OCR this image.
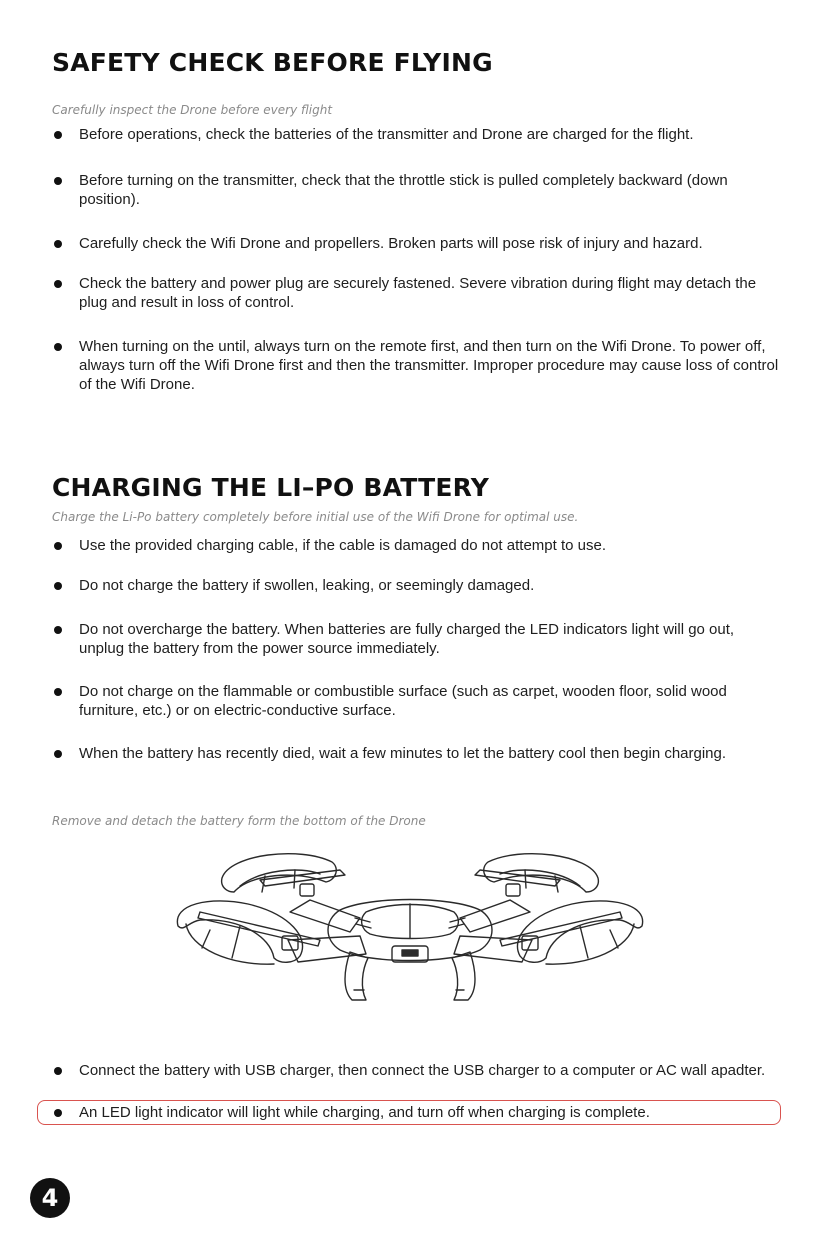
SAFETY CHECK BEFORE FLYING

Carefully inspect the Drone before every flight

Before operations, check the batteries of the transmitter and Drone are charged for the flight.

Before turning on the transmitter, check that the throttle stick is pulled completely backward (down position).

Carefully check the Wifi Drone and propellers. Broken parts will pose risk of injury and hazard.

Check the battery and power plug are securely fastened. Severe vibration during flight may detach the plug and result in loss of control.

When turning on the until, always turn on the remote first, and then turn on the Wifi Drone. To power off, always turn off the Wifi Drone first and then the transmitter. Improper procedure may cause loss of control of the Wifi Drone.

CHARGING THE LI–PO BATTERY

Charge the Li-Po battery completely before initial use of the Wifi Drone for optimal use.

Use the provided charging cable, if the cable is damaged do not attempt to use.

Do not charge the battery if swollen, leaking, or seemingly damaged.

Do not overcharge the battery. When batteries are fully charged the LED indicators light will go out, unplug the battery from the power source immediately.

Do not charge on the flammable or combustible surface (such as carpet, wooden floor, solid wood furniture, etc.) or on electric-conductive surface.

When the battery has recently died, wait a few minutes to let the battery cool then begin charging.

Remove and detach the battery form the bottom of the Drone

Connect the battery with USB charger, then connect the USB charger to a computer or AC wall apadter.

An LED light indicator will light while charging, and turn off when charging is complete.

4
